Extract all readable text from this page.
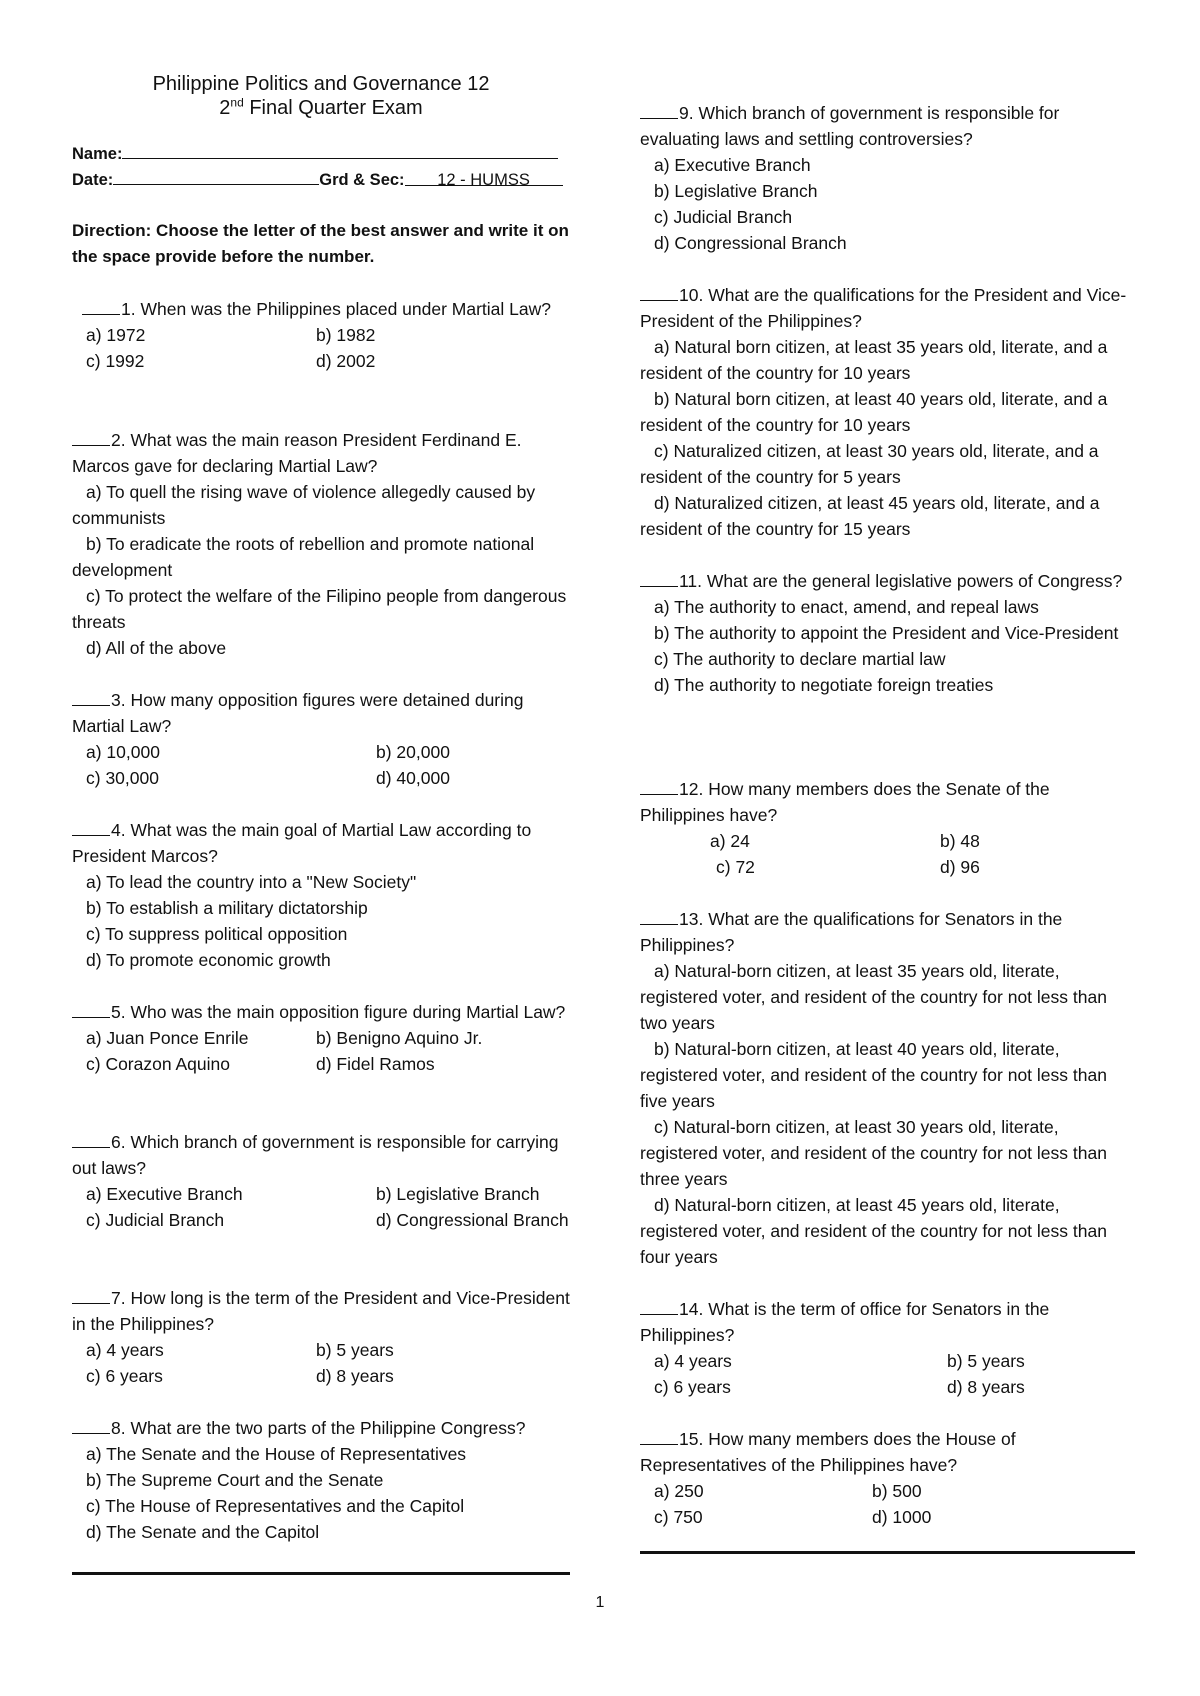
Philippine Politics and Governance 12
2nd Final Quarter Exam
Name:
Date:	Grd & Sec: 12 - HUMSS
Direction: Choose the letter of the best answer and write it on the space provide before the number.
1. When was the Philippines placed under Martial Law?
a) 1972	b) 1982
c) 1992	d) 2002
2. What was the main reason President Ferdinand E. Marcos gave for declaring Martial Law?
a) To quell the rising wave of violence allegedly caused by communists
b) To eradicate the roots of rebellion and promote national development
c) To protect the welfare of the Filipino people from dangerous threats
d) All of the above
3. How many opposition figures were detained during Martial Law?
a) 10,000	b) 20,000
c) 30,000	d) 40,000
4. What was the main goal of Martial Law according to President Marcos?
a) To lead the country into a "New Society"
b) To establish a military dictatorship
c) To suppress political opposition
d) To promote economic growth
5. Who was the main opposition figure during Martial Law?
a) Juan Ponce Enrile	b) Benigno Aquino Jr.
c) Corazon Aquino	d) Fidel Ramos
6. Which branch of government is responsible for carrying out laws?
a) Executive Branch	b) Legislative Branch
c) Judicial Branch	d) Congressional Branch
7. How long is the term of the President and Vice-President in the Philippines?
a) 4 years	b) 5 years
c) 6 years	d) 8 years
8. What are the two parts of the Philippine Congress?
a) The Senate and the House of Representatives
b) The Supreme Court and the Senate
c) The House of Representatives and the Capitol
d) The Senate and the Capitol
9. Which branch of government is responsible for evaluating laws and settling controversies?
a) Executive Branch
b) Legislative Branch
c) Judicial Branch
d) Congressional Branch
10. What are the qualifications for the President and Vice-President of the Philippines?
a) Natural born citizen, at least 35 years old, literate, and a resident of the country for 10 years
b) Natural born citizen, at least 40 years old, literate, and a resident of the country for 10 years
c) Naturalized citizen, at least 30 years old, literate, and a resident of the country for 5 years
d) Naturalized citizen, at least 45 years old, literate, and a resident of the country for 15 years
11. What are the general legislative powers of Congress?
a) The authority to enact, amend, and repeal laws
b) The authority to appoint the President and Vice-President
c) The authority to declare martial law
d) The authority to negotiate foreign treaties
12. How many members does the Senate of the Philippines have?
a) 24	b) 48
c) 72	d) 96
13. What are the qualifications for Senators in the Philippines?
a) Natural-born citizen, at least 35 years old, literate, registered voter, and resident of the country for not less than two years
b) Natural-born citizen, at least 40 years old, literate, registered voter, and resident of the country for not less than five years
c) Natural-born citizen, at least 30 years old, literate, registered voter, and resident of the country for not less than three years
d) Natural-born citizen, at least 45 years old, literate, registered voter, and resident of the country for not less than four years
14. What is the term of office for Senators in the Philippines?
a) 4 years	b) 5 years
c) 6 years	d) 8 years
15. How many members does the House of Representatives of the Philippines have?
a) 250	b) 500
c) 750	d) 1000
1
